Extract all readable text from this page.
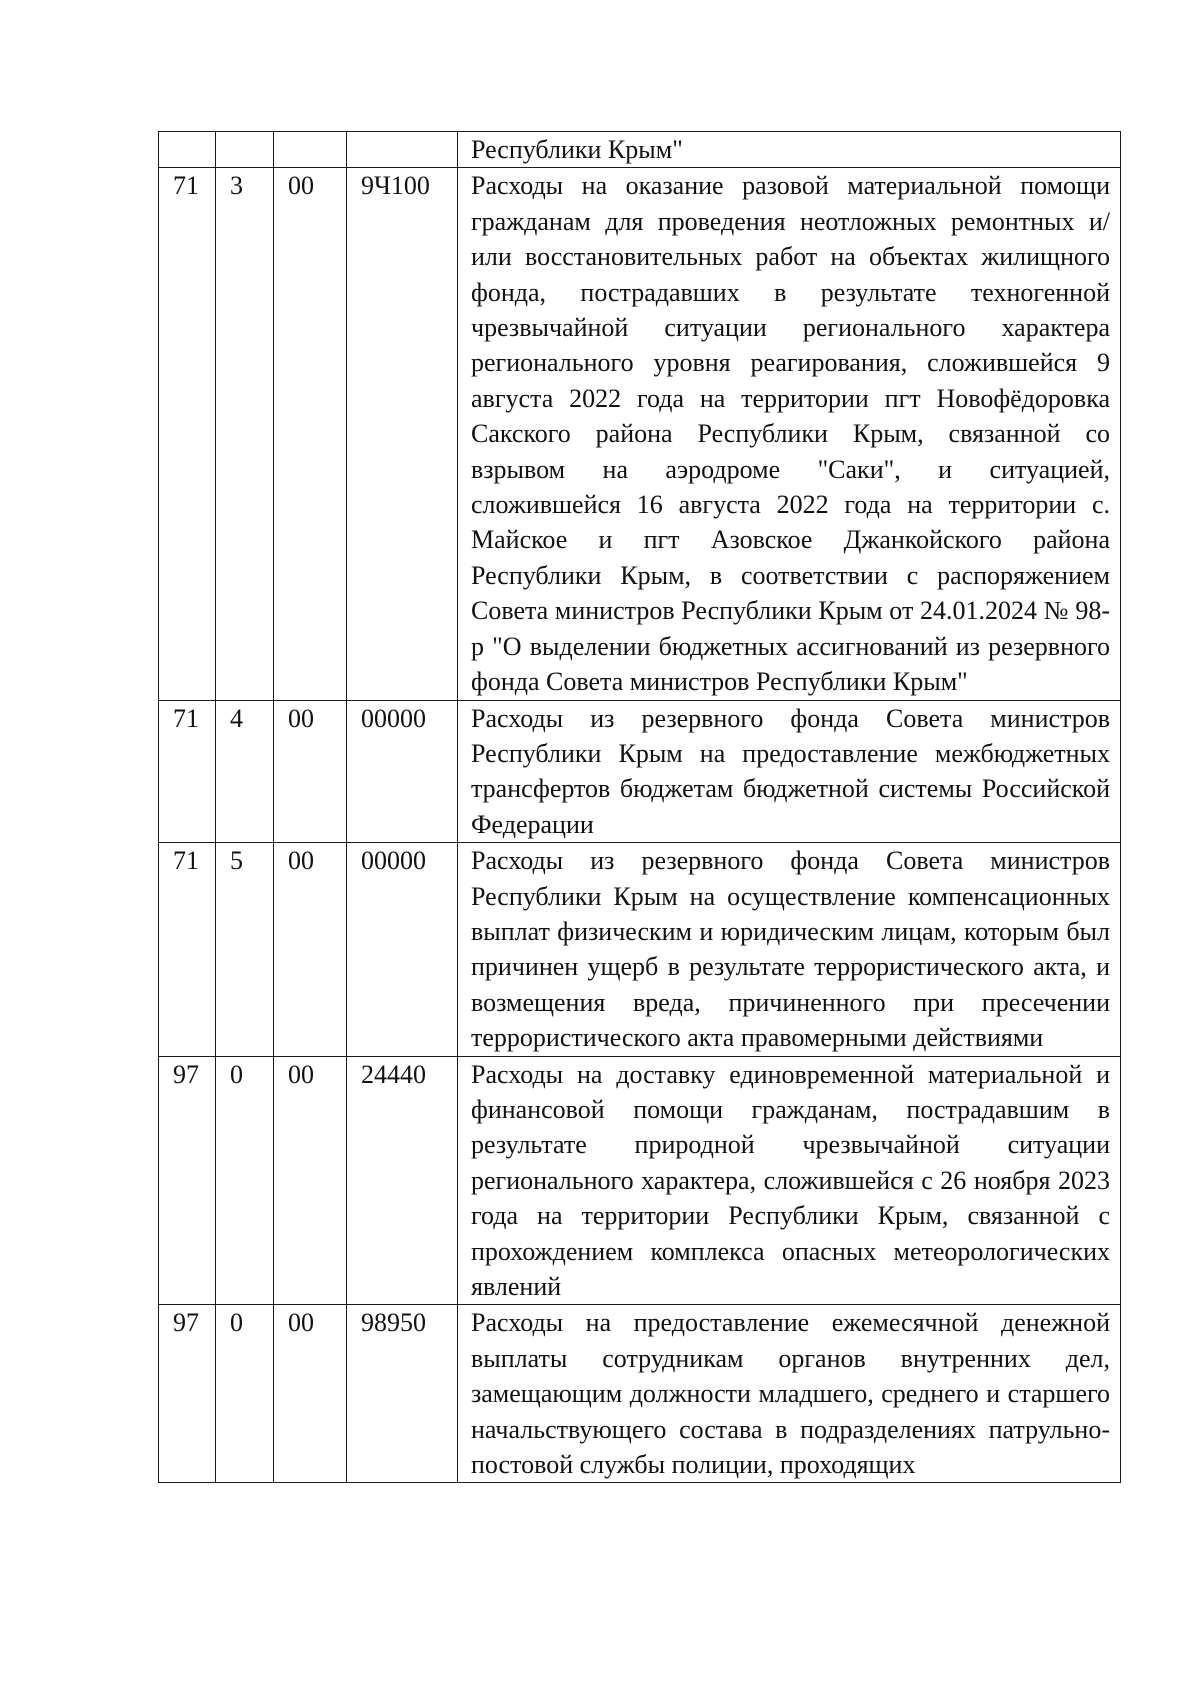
				Республики Крым"
71	3	00	9Ч100	Расходы на оказание разовой материальной помощи гражданам для проведения неотложных ремонтных и/или восстановительных работ на объектах жилищного фонда, пострадавших в результате техногенной чрезвычайной ситуации регионального характера регионального уровня реагирования, сложившейся 9 августа 2022 года на территории пгт Новофёдоровка Сакского района Республики Крым, связанной со взрывом на аэродроме "Саки", и ситуацией, сложившейся 16 августа 2022 года на территории с. Майское и пгт Азовское Джанкойского района Республики Крым, в соответствии с распоряжением Совета министров Республики Крым от 24.01.2024 № 98-р "О выделении бюджетных ассигнований из резервного фонда Совета министров Республики Крым"
71	4	00	00000	Расходы из резервного фонда Совета министров Республики Крым на предоставление межбюджетных трансфертов бюджетам бюджетной системы Российской Федерации
71	5	00	00000	Расходы из резервного фонда Совета министров Республики Крым на осуществление компенсационных выплат физическим и юридическим лицам, которым был причинен ущерб в результате террористического акта, и возмещения вреда, причиненного при пресечении террористического акта правомерными действиями
97	0	00	24440	Расходы на доставку единовременной материальной и финансовой помощи гражданам, пострадавшим в результате природной чрезвычайной ситуации регионального характера, сложившейся с 26 ноября 2023 года на территории Республики Крым, связанной с прохождением комплекса опасных метеорологических явлений
97	0	00	98950	Расходы на предоставление ежемесячной денежной выплаты сотрудникам органов внутренних дел, замещающим должности младшего, среднего и старшего начальствующего состава в подразделениях патрульно-постовой службы полиции, проходящих
